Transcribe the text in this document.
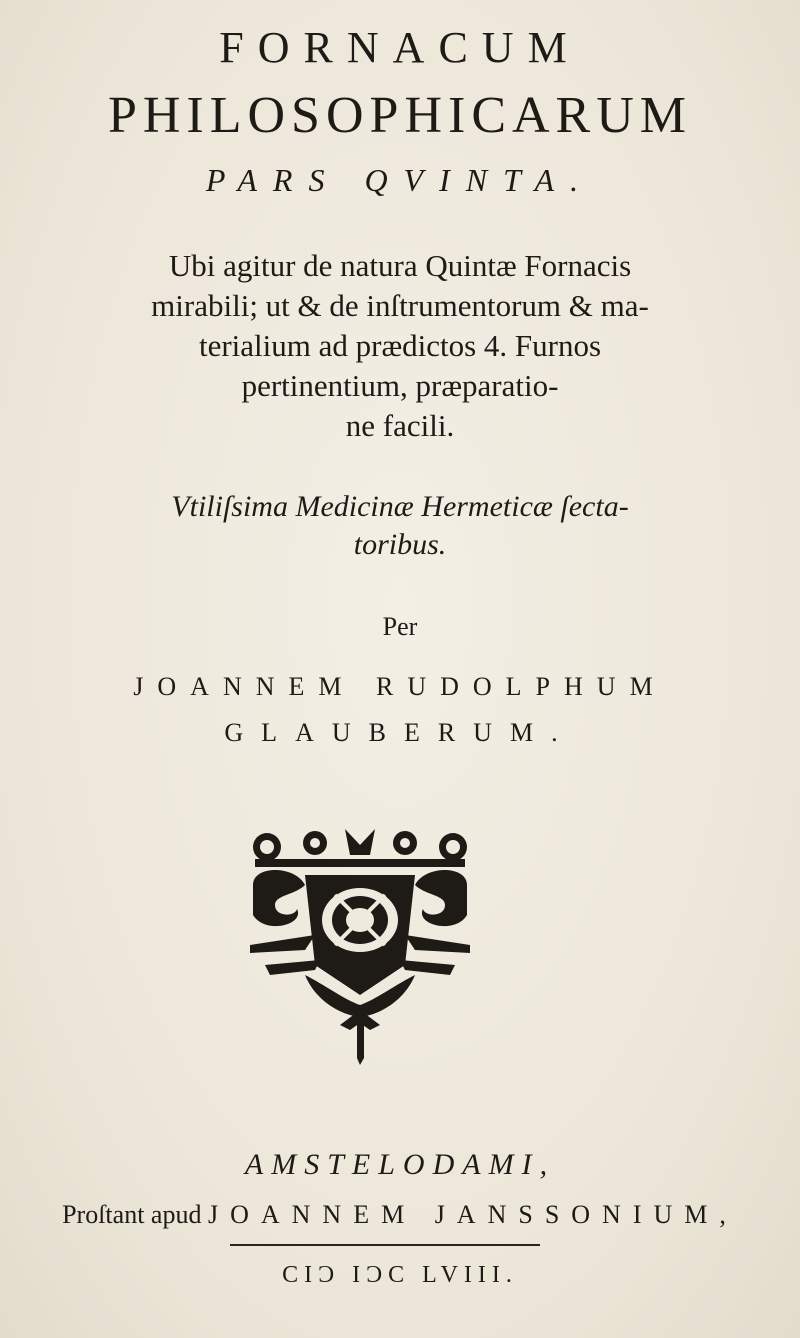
FORNACUM
PHILOSOPHICARUM
PARS QVINTA.
Ubi agitur de natura Quintæ Fornacis
mirabili; ut & de inſtrumentorum & ma-
terialium ad prædictos 4. Furnos
pertinentium, præparatio-
ne facili.
Vtiliſsima Medicinæ Hermeticæ ſecta-
toribus.
Per
JOANNEM RUDOLPHUM
GLAUBERUM.
AMSTELODAMI,
Proſtant apud JOANNEM JANSSONIUM,
CIƆ IƆC LVIII.
